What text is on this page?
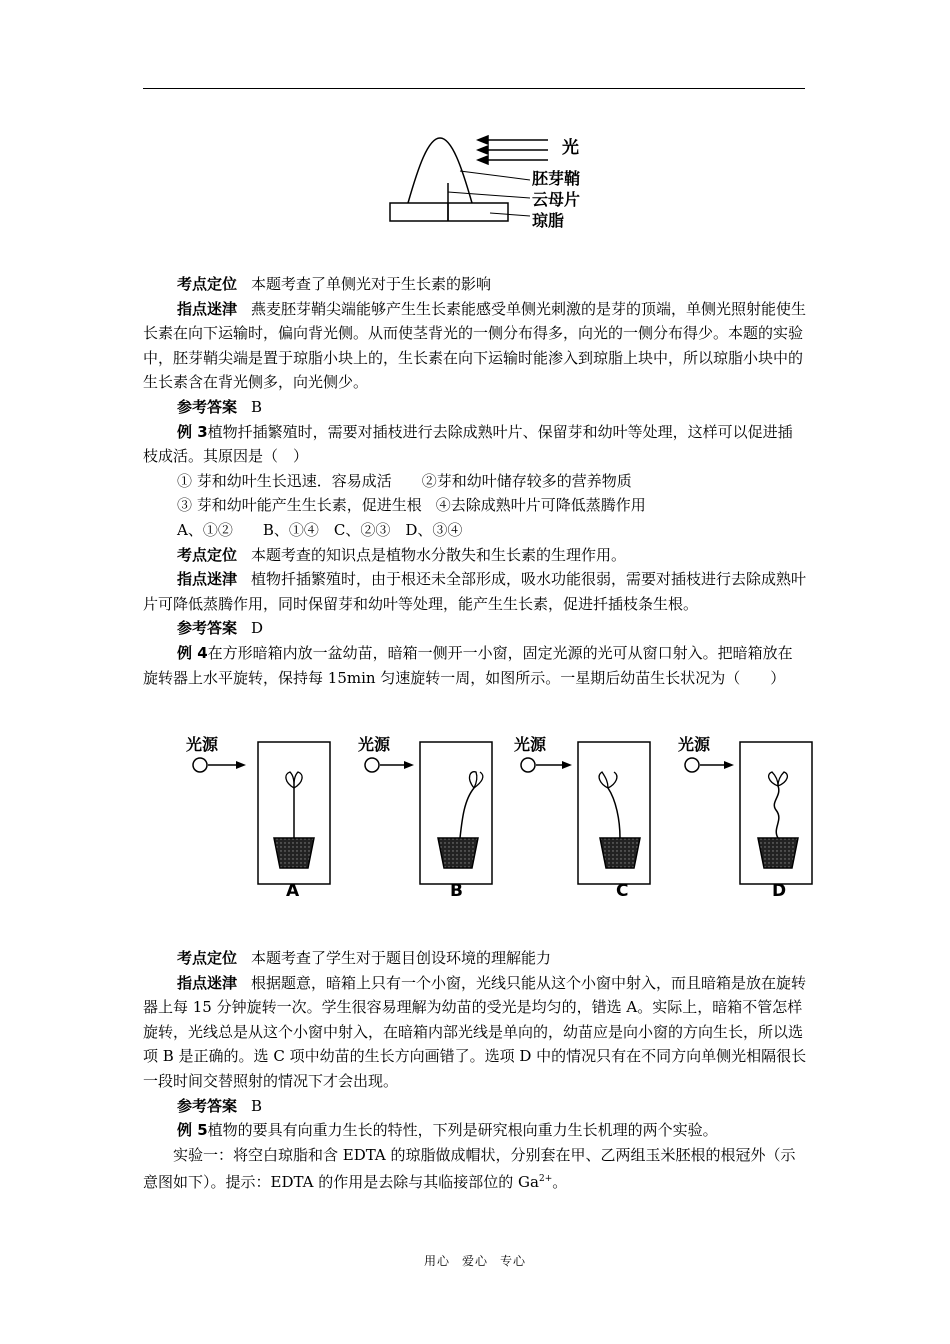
光
胚芽鞘
云母片
琼脂

考点定位 本题考查了单侧光对于生长素的影响

指点迷津 燕麦胚芽鞘尖端能够产生生长素能感受单侧光刺激的是芽的顶端，单侧光照射能使生长素在向下运输时，偏向背光侧。从而使茎背光的一侧分布得多，向光的一侧分布得少。本题的实验中，胚芽鞘尖端是置于琼脂小块上的，生长素在向下运输时能渗入到琼脂上块中，所以琼脂小块中的生长素含在背光侧多，向光侧少。

参考答案 B

例 3植物扦插繁殖时，需要对插枝进行去除成熟叶片、保留芽和幼叶等处理，这样可以促进插枝成活。其原因是（　）

① 芽和幼叶生长迅速．容易成活 ②芽和幼叶储存较多的营养物质

③ 芽和幼叶能产生生长素，促进生根 ④去除成熟叶片可降低蒸腾作用

A、①②　　B、①④　C、②③　D、③④

考点定位 本题考查的知识点是植物水分散失和生长素的生理作用。

指点迷津 植物扦插繁殖时，由于根还未全部形成，吸水功能很弱，需要对插枝进行去除成熟叶片可降低蒸腾作用，同时保留芽和幼叶等处理，能产生生长素，促进扦插枝条生根。

参考答案 D

例 4在方形暗箱内放一盆幼苗，暗箱一侧开一小窗，固定光源的光可从窗口射入。把暗箱放在旋转器上水平旋转，保持每 15min 匀速旋转一周，如图所示。一星期后幼苗生长状况为（　　）

光源
A
光源
B
光源
C
光源
D

考点定位 本题考查了学生对于题目创设环境的理解能力

指点迷津 根据题意，暗箱上只有一个小窗，光线只能从这个小窗中射入，而且暗箱是放在旋转器上每 15 分钟旋转一次。学生很容易理解为幼苗的受光是均匀的，错选 A。实际上，暗箱不管怎样旋转，光线总是从这个小窗中射入，在暗箱内部光线是单向的，幼苗应是向小窗的方向生长，所以选项 B 是正确的。选 C 项中幼苗的生长方向画错了。选项 D 中的情况只有在不同方向单侧光相隔很长一段时间交替照射的情况下才会出现。

参考答案 B

例 5植物的要具有向重力生长的特性，下列是研究根向重力生长机理的两个实验。

实验一：将空白琼脂和含 EDTA 的琼脂做成帽状，分别套在甲、乙两组玉米胚根的根冠外（示意图如下）。提示：EDTA 的作用是去除与其临接部位的 $Ga^{2+}$。

用心 爱心 专心
